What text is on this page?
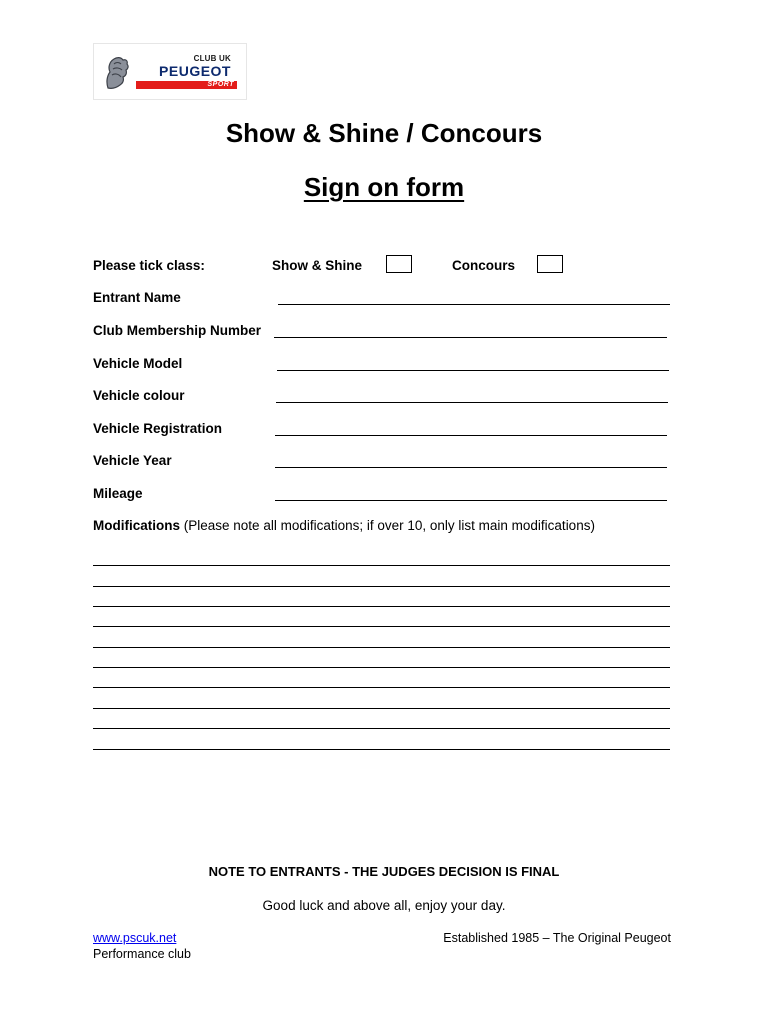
CLUB UK
PEUGEOT
SPORT
Show & Shine / Concours
Sign on form
Please tick class:	Show & Shine	Concours
Entrant Name
Club Membership Number
Vehicle Model
Vehicle colour
Vehicle Registration
Vehicle Year
Mileage
Modifications (Please note all modifications; if over 10, only list main modifications)
NOTE TO ENTRANTS - THE JUDGES DECISION IS FINAL
Good luck and above all, enjoy your day.
www.pscuk.net
Performance club
Established 1985 – The Original Peugeot
